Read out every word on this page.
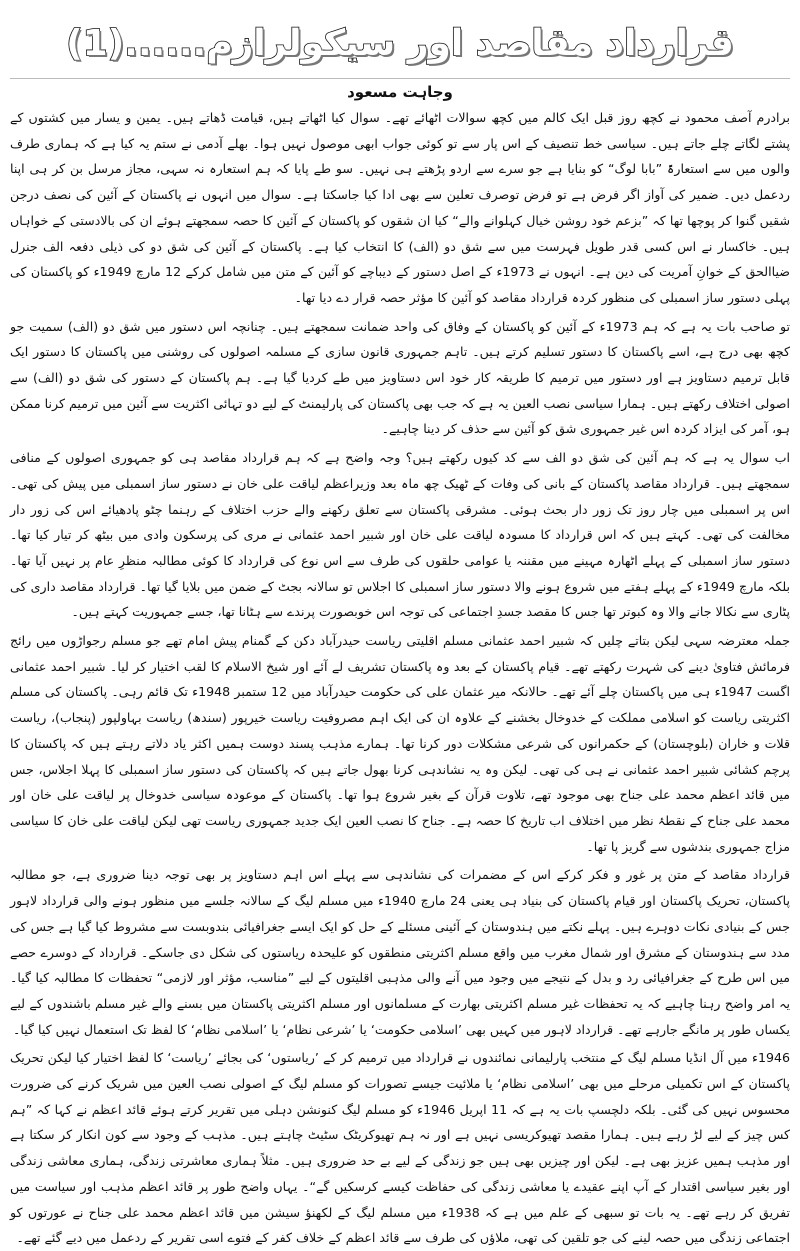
قرارداد مقاصد اور سیکولرازم......(1)
وجاہت مسعود

برادرم آصف محمود نے کچھ روز قبل ایک کالم میں کچھ سوالات اٹھائے تھے۔ سوال کیا اٹھاتے ہیں، قیامت ڈھاتے ہیں۔ یمین و یسار میں کشتوں کے پشتے لگاتے چلے جاتے ہیں۔ سیاسی خط تنصیف کے اس پار سے تو کوئی جواب ابھی موصول نہیں ہوا۔ بھلے آدمی نے ستم یہ کیا ہے کہ ہماری طرف والوں میں سے استعارۃً ”بابا لوگ“ کو بنایا ہے جو سرے سے اردو پڑھتے ہی نہیں۔ سو طے پایا کہ ہم استعارہ نہ سہی، مجاز مرسل بن کر ہی اپنا ردعمل دیں۔ ضمیر کی آواز اگر فرض ہے تو فرض توصرف تعلین سے بھی ادا کیا جاسکتا ہے۔ سوال میں انہوں نے پاکستان کے آئین کی نصف درجن شقیں گنوا کر پوچھا تھا کہ ”بزعم خود روشن خیال کہلوانے والے“ کیا ان شقوں کو پاکستان کے آئین کا حصہ سمجھتے ہوئے ان کی بالادستی کے خواہاں ہیں۔ خاکسار نے اس کسی قدر طویل فہرست میں سے شق دو (الف) کا انتخاب کیا ہے۔ پاکستان کے آئین کی شق دو کی ذیلی دفعہ الف جنرل ضیاالحق کے خوانِ آمریت کی دین ہے۔ انہوں نے 1973ء کے اصل دستور کے دیباچے کو آئین کے متن میں شامل کرکے 12 مارچ 1949ء کو پاکستان کی پہلی دستور ساز اسمبلی کی منظور کردہ قرارداد مقاصد کو آئین کا مؤثر حصہ قرار دے دیا تھا۔

تو صاحب بات یہ ہے کہ ہم 1973ء کے آئین کو پاکستان کے وفاق کی واحد ضمانت سمجھتے ہیں۔ چنانچہ اس دستور میں شق دو (الف) سمیت جو کچھ بھی درج ہے، اسے پاکستان کا دستور تسلیم کرتے ہیں۔ تاہم جمہوری قانون سازی کے مسلمہ اصولوں کی روشنی میں پاکستان کا دستور ایک قابل ترمیم دستاویز ہے اور دستور میں ترمیم کا طریقہ کار خود اس دستاویز میں طے کردیا گیا ہے۔ ہم پاکستان کے دستور کی شق دو (الف) سے اصولی اختلاف رکھتے ہیں۔ ہمارا سیاسی نصب العین یہ ہے کہ جب بھی پاکستان کی پارلیمنٹ کے لیے دو تہائی اکثریت سے آئین میں ترمیم کرنا ممکن ہو، آمر کی ایزاد کردہ اس غیر جمہوری شق کو آئین سے حذف کر دینا چاہیے۔

اب سوال یہ ہے کہ ہم آئین کی شق دو الف سے کد کیوں رکھتے ہیں؟ وجہ واضح ہے کہ ہم قرارداد مقاصد ہی کو جمہوری اصولوں کے منافی سمجھتے ہیں۔ قرارداد مقاصد پاکستان کے بانی کی وفات کے ٹھیک چھ ماہ بعد وزیراعظم لیاقت علی خان نے دستور ساز اسمبلی میں پیش کی تھی۔ اس پر اسمبلی میں چار روز تک زور دار بحث ہوئی۔ مشرقی پاکستان سے تعلق رکھنے والے حزب اختلاف کے رہنما چٹو پادھیائے اس کی زور دار مخالفت کی تھی۔ کہتے ہیں کہ اس قرارداد کا مسودہ لیاقت علی خان اور شبیر احمد عثمانی نے مری کی پرسکون وادی میں بیٹھ کر تیار کیا تھا۔ دستور ساز اسمبلی کے پہلے اٹھارہ مہینے میں مقننہ یا عوامی حلقوں کی طرف سے اس نوع کی قرارداد کا کوئی مطالبہ منظرِ عام پر نہیں آیا تھا۔ بلکہ مارچ 1949ء کے پہلے ہفتے میں شروع ہونے والا دستور ساز اسمبلی کا اجلاس تو سالانہ بجٹ کے ضمن میں بلایا گیا تھا۔ قرارداد مقاصد داری کی پٹاری سے نکالا جانے والا وہ کبوتر تھا جس کا مقصد جسدِ اجتماعی کی توجہ اس خوبصورت پرندے سے ہٹانا تھا، جسے جمہوریت کہتے ہیں۔

جملہ معترضہ سہی لیکن بتاتے چلیں کہ شبیر احمد عثمانی مسلم اقلیتی ریاست حیدرآباد دکن کے گمنام پیش امام تھے جو مسلم رجواڑوں میں رائج فرمائش فتاویٰ دینے کی شہرت رکھتے تھے۔ قیام پاکستان کے بعد وہ پاکستان تشریف لے آئے اور شیخ الاسلام کا لقب اختیار کر لیا۔ شبیر احمد عثمانی اگست 1947ء ہی میں پاکستان چلے آئے تھے۔ حالانکہ میر عثمان علی کی حکومت حیدرآباد میں 12 ستمبر 1948ء تک قائم رہی۔ پاکستان کی مسلم اکثریتی ریاست کو اسلامی مملکت کے خدوخال بخشنے کے علاوہ ان کی ایک اہم مصروفیت ریاست خیرپور (سندھ) ریاست بہاولپور (پنجاب)، ریاست قلات و خاران (بلوچستان) کے حکمرانوں کی شرعی مشکلات دور کرنا تھا۔ ہمارے مذہب پسند دوست ہمیں اکثر یاد دلاتے رہتے ہیں کہ پاکستان کا پرچم کشائی شبیر احمد عثمانی نے ہی کی تھی۔ لیکن وہ یہ نشاندہی کرنا بھول جاتے ہیں کہ پاکستان کی دستور ساز اسمبلی کا پہلا اجلاس، جس میں قائد اعظم محمد علی جناح بھی موجود تھے، تلاوت قرآن کے بغیر شروع ہوا تھا۔ پاکستان کے موعودہ سیاسی خدوخال پر لیاقت علی خان اور محمد علی جناح کے نقطۂ نظر میں اختلاف اب تاریخ کا حصہ ہے۔ جناح کا نصب العین ایک جدید جمہوری ریاست تھی لیکن لیاقت علی خان کا سیاسی مزاج جمہوری بندشوں سے گریز پا تھا۔

قرارداد مقاصد کے متن پر غور و فکر کرکے اس کے مضمرات کی نشاندہی سے پہلے اس اہم دستاویز پر بھی توجہ دینا ضروری ہے، جو مطالبہ پاکستان، تحریک پاکستان اور قیام پاکستان کی بنیاد ہی یعنی 24 مارچ 1940ء میں مسلم لیگ کے سالانہ جلسے میں منظور ہونے والی قرارداد لاہور جس کے بنیادی نکات دوہرے ہیں۔ پہلے نکتے میں ہندوستان کے آئینی مسئلے کے حل کو ایک ایسے جغرافیائی بندوبست سے مشروط کیا گیا ہے جس کی مدد سے ہندوستان کے مشرق اور شمال مغرب میں واقع مسلم اکثریتی منطقوں کو علیحدہ ریاستوں کی شکل دی جاسکے۔ قرارداد کے دوسرے حصے میں اس طرح کے جغرافیائی رد و بدل کے نتیجے میں وجود میں آنے والی مذہبی اقلیتوں کے لیے ”مناسب، مؤثر اور لازمی“ تحفظات کا مطالبہ کیا گیا۔ یہ امر واضح رہنا چاہیے کہ یہ تحفظات غیر مسلم اکثریتی بھارت کے مسلمانوں اور مسلم اکثریتی پاکستان میں بسنے والے غیر مسلم باشندوں کے لیے یکساں طور پر مانگے جارہے تھے۔ قرارداد لاہور میں کہیں بھی ’اسلامی حکومت‘ یا ’شرعی نظام‘ یا ’اسلامی نظام‘ کا لفظ تک استعمال نہیں کیا گیا۔

1946ء میں آل انڈیا مسلم لیگ کے منتخب پارلیمانی نمائندوں نے قرارداد میں ترمیم کر کے ’ریاستوں‘ کی بجائے ’ریاست‘ کا لفظ اختیار کیا لیکن تحریک پاکستان کے اس تکمیلی مرحلے میں بھی ’اسلامی نظام‘ یا ملائیت جیسے تصورات کو مسلم لیگ کے اصولی نصب العین میں شریک کرنے کی ضرورت محسوس نہیں کی گئی۔ بلکہ دلچسپ بات یہ ہے کہ 11 اپریل 1946ء کو مسلم لیگ کنونشن دہلی میں تقریر کرتے ہوئے قائد اعظم نے کہا کہ ”ہم کس چیز کے لیے لڑ رہے ہیں۔ ہمارا مقصد تھیوکریسی نہیں ہے اور نہ ہم تھیوکریٹک سٹیٹ چاہتے ہیں۔ مذہب کے وجود سے کون انکار کر سکتا ہے اور مذہب ہمیں عزیز بھی ہے۔ لیکن اور چیزیں بھی ہیں جو زندگی کے لیے بے حد ضروری ہیں۔ مثلاً ہماری معاشرتی زندگی، ہماری معاشی زندگی اور بغیر سیاسی اقتدار کے آپ اپنے عقیدے یا معاشی زندگی کی حفاظت کیسے کرسکیں گے“۔ یہاں واضح طور پر قائد اعظم مذہب اور سیاست میں تفریق کر رہے تھے۔ یہ بات تو سبھی کے علم میں ہے کہ 1938ء میں مسلم لیگ کے لکھنؤ سیشن میں قائد اعظم محمد علی جناح نے عورتوں کو اجتماعی زندگی میں حصہ لینے کی جو تلقین کی تھی، ملاؤں کی طرف سے قائد اعظم کے خلاف کفر کے فتوے اسی تقریر کے ردعمل میں دیے گئے تھے۔
